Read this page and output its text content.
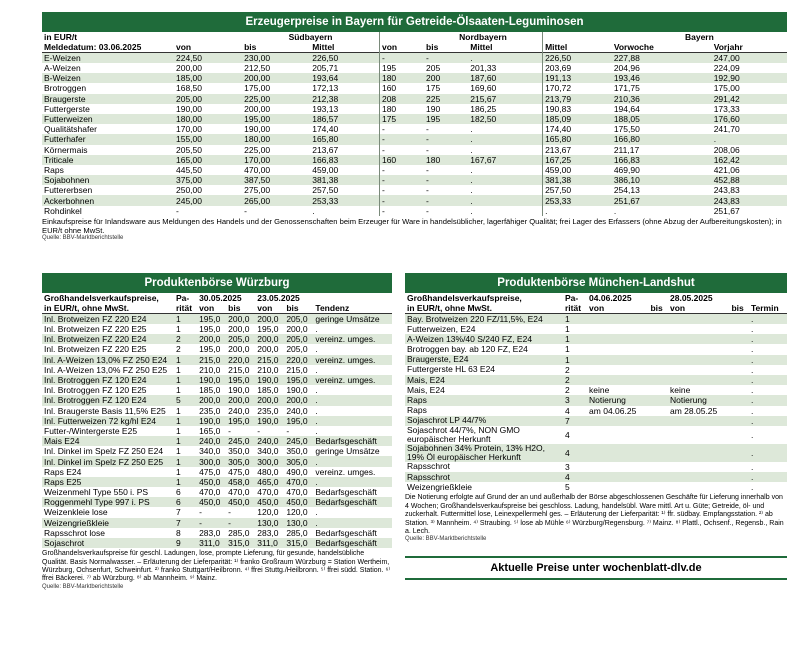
Erzeugerpreise in Bayern für Getreide-Ölsaaten-Leguminosen
in EUR/t		Südbayern			Nordbayern			Bayern	
Meldedatum: 03.06.2025	von	bis	Mittel	von	bis	Mittel	Mittel	Vorwoche	Vorjahr
E-Weizen	224,50	230,00	226,50	-	-	.	226,50	227,88	247,00
A-Weizen	200,00	212,50	205,71	195	205	201,33	203,69	204,96	224,09
B-Weizen	185,00	200,00	193,64	180	200	187,60	191,13	193,46	192,90
Brotroggen	168,50	175,00	172,13	160	175	169,60	170,72	171,75	175,00
Braugerste	205,00	225,00	212,38	208	225	215,67	213,79	210,36	291,42
Futtergerste	190,00	200,00	193,13	180	190	186,25	190,83	194,64	173,33
Futterweizen	180,00	195,00	186,57	175	195	182,50	185,09	188,05	176,60
Qualitätshafer	170,00	190,00	174,40	-	-	.	174,40	175,50	241,70
Futterhafer	155,00	180,00	165,80	-	-	.	165,80	166,80	.
Körnermais	205,50	225,00	213,67	-	-	.	213,67	211,17	208,06
Triticale	165,00	170,00	166,83	160	180	167,67	167,25	166,83	162,42
Raps	445,50	470,00	459,00	-	-	.	459,00	469,90	421,06
Sojabohnen	375,00	387,50	381,38	-	-	.	381,38	386,10	452,88
Futtererbsen	250,00	275,00	257,50	-	-	.	257,50	254,13	243,83
Ackerbohnen	245,00	265,00	253,33	-	-	.	253,33	251,67	243,83
Rohdinkel	-	-	.	-	-	.	.	.	251,67
Einkaufspreise für Inlandsware aus Meldungen des Handels und der Genossenschaften beim Erzeuger für Ware in handelsüblicher, lagerfähiger Qualität; frei Lager des Erfassers (ohne Abzug der Aufbereitungskosten); in EUR/t ohne MwSt.
Quelle: BBV-Marktberichtstelle
Produktenbörse Würzburg
Großhandelsverkaufspreise,	Pa-	30.05.2025		23.05.2025		
in EUR/t, ohne MwSt.	rität	von	bis	von	bis	Tendenz
Inl. Brotweizen FZ 220 E24	1	195,0	200,0	200,0	205,0	geringe Umsätze
Inl. Brotweizen FZ 220 E25	1	195,0	200,0	195,0	200,0	.
Inl. Brotweizen FZ 220 E24	2	200,0	205,0	200,0	205,0	vereinz. umges.
Inl. Brotweizen FZ 220 E25	2	195,0	200,0	200,0	205,0	.
Inl. A-Weizen 13,0% FZ 250 E24	1	215,0	220,0	215,0	220,0	vereinz. umges.
Inl. A-Weizen 13,0% FZ 250 E25	1	210,0	215,0	210,0	215,0	.
Inl. Brotroggen FZ 120 E24	1	190,0	195,0	190,0	195,0	vereinz. umges.
Inl. Brotroggen FZ 120 E25	1	185,0	190,0	185,0	190,0	.
Inl. Brotroggen FZ 120 E24	5	200,0	200,0	200,0	200,0	.
Inl. Braugerste Basis 11,5% E25	1	235,0	240,0	235,0	240,0	.
Inl. Futterweizen 72 kg/hl E24	1	190,0	195,0	190,0	195,0	.
Futter-/Wintergerste E25	1	165,0	-	-	-	.
Mais E24	1	240,0	245,0	240,0	245,0	Bedarfsgeschäft
Inl. Dinkel im Spelz FZ 250 E24	1	340,0	350,0	340,0	350,0	geringe Umsätze
Inl. Dinkel im Spelz FZ 250 E25	1	300,0	305,0	300,0	305,0	.
Raps E24	1	475,0	475,0	480,0	490,0	vereinz. umges.
Raps E25	1	450,0	458,0	465,0	470,0	.
Weizenmehl Type 550 i. PS	6	470,0	470,0	470,0	470,0	Bedarfsgeschäft
Roggenmehl Type 997 i. PS	6	450,0	450,0	450,0	450,0	Bedarfsgeschäft
Weizenkleie lose	7	-	-	120,0	120,0	.
Weizengrießkleie	7	-	-	130,0	130,0	.
Rapsschrot lose	8	283,0	285,0	283,0	285,0	Bedarfsgeschäft
Sojaschrot	9	311,0	315,0	311,0	315,0	Bedarfsgeschäft
Großhandelsverkaufspreise für geschl. Ladungen, lose, prompte Lieferung, für gesunde, handelsübliche Qualität. Basis Normalwasser. – Erläuterung der Lieferparität: ¹⁾ franko Großraum Würzburg = Station Wertheim, Würzburg, Ochsenfurt, Schweinfurt. ²⁾ franko Stuttgart/Heilbronn. ⁴⁾ ffrei Stuttg./Heilbronn. ⁵⁾ ffrei südd. Station. ⁶⁾ ffrei Bäckerei. ⁷⁾ ab Würzburg. ⁸⁾ ab Mannheim. ⁹⁾ Mainz.
Quelle: BBV-Marktberichtstelle
Produktenbörse München-Landshut
Großhandelsverkaufspreise,	Pa-	04.06.2025		28.05.2025		
in EUR/t, ohne MwSt.	rität	von	bis	von	bis	Termin
Bay. Brotweizen 220 FZ/11,5%, E24	1					.
Futterweizen, E24	1					.
A-Weizen 13%/40 S/240 FZ, E24	1					.
Brotroggen bay. ab 120 FZ, E24	1					.
Braugerste, E24	1					.
Futtergerste HL 63 E24	2					.
Mais, E24	2					.
Mais, E24	2	keine		keine		.
Raps	3	Notierung		Notierung		.
Raps	4	am 04.06.25		am 28.05.25		.
Sojaschrot LP 44/7%	7					.
Sojaschrot 44/7%, NON GMO europäischer Herkunft	4					.
Sojabohnen 34% Protein, 13% H2O, 19% Öl europäischer Herkunft	4					.
Rapsschrot	3					.
Rapsschrot	4					.
Weizengrießkleie	5					.
Die Notierung erfolgte auf Grund der an und außerhalb der Börse abgeschlossenen Geschäfte für Lieferung innerhalb von 4 Wochen; Großhandelsverkaufspreise bei geschloss. Ladung, handelsübl. Ware mittl. Art u. Güte; Getreide, öl- und zuckerhalt. Futtermittel lose, Leinexpellermehl ges. – Erläuterung der Lieferparität: ¹⁾ ffr. südbay. Empfangsstation. ²⁾ ab Station. ³⁾ Mannheim. ⁴⁾ Straubing. ⁵⁾ lose ab Mühle ⁶⁾ Würzburg/Regensburg. ⁷⁾ Mainz. ⁸⁾ Plattl., Ochsenf., Regensb., Rain a. Lech.
Quelle: BBV-Marktberichtstelle
Aktuelle Preise unter wochenblatt-dlv.de
